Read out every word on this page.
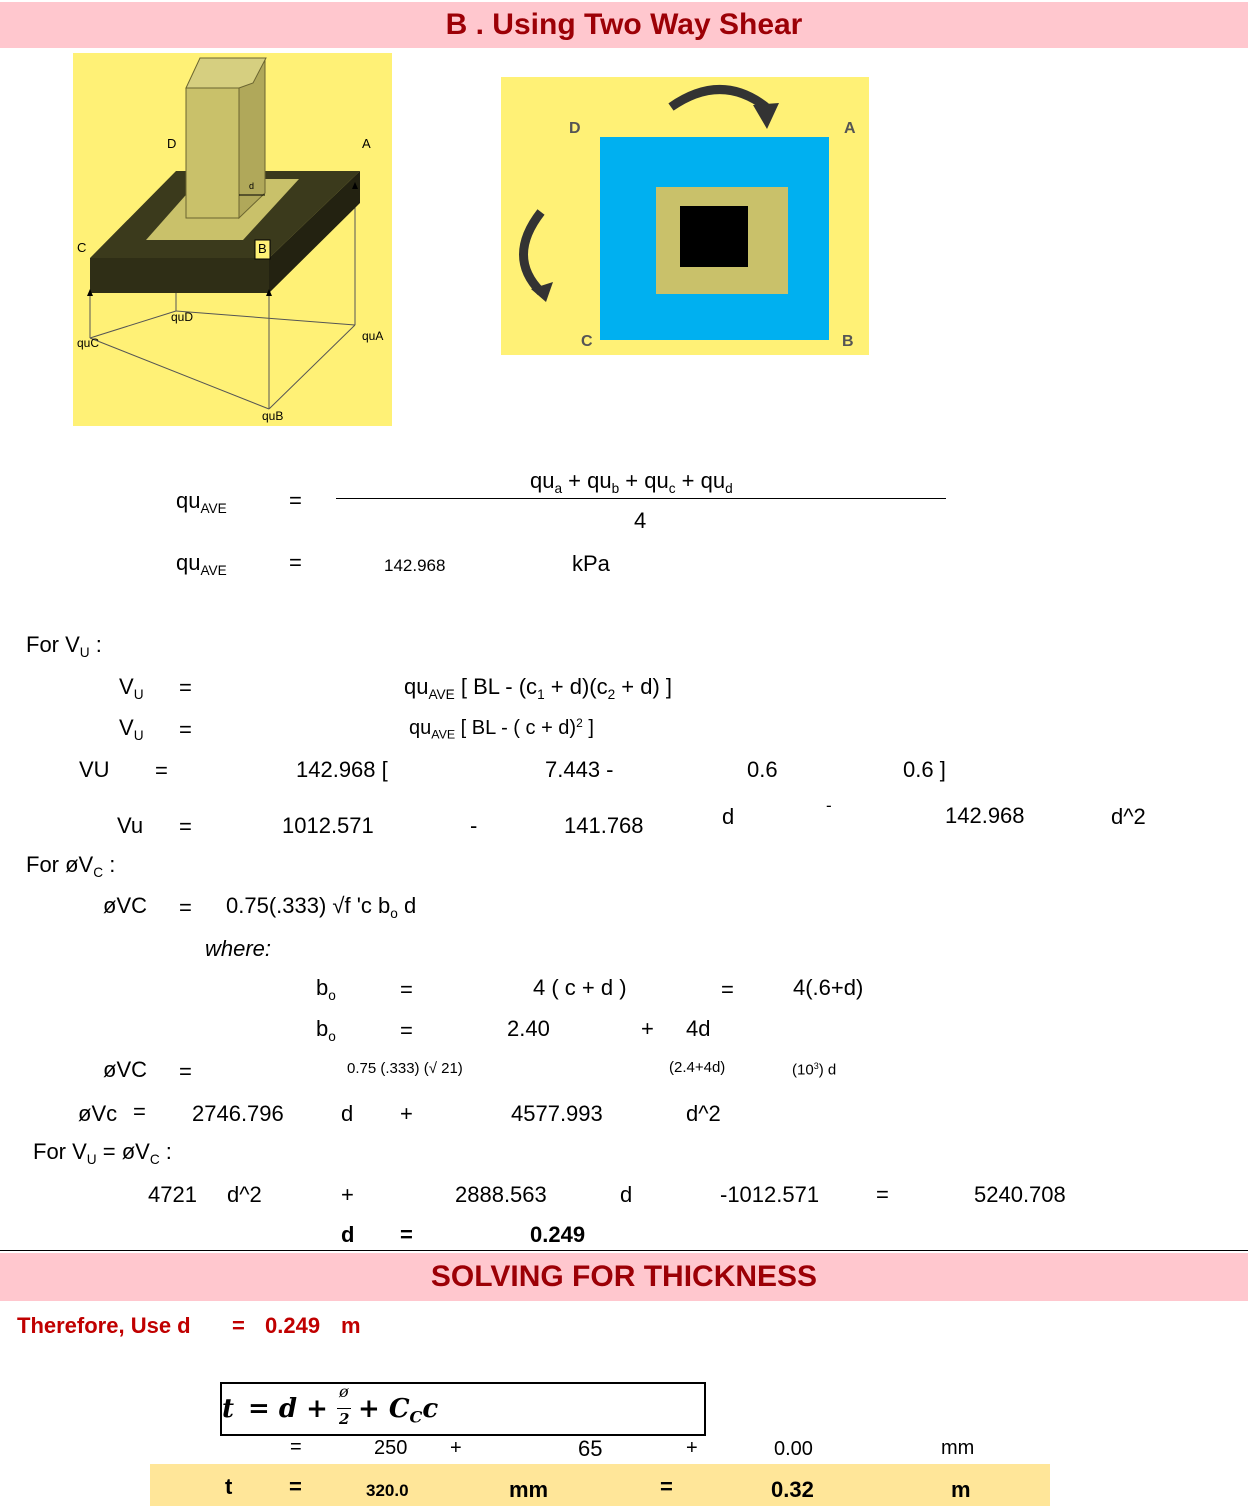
B . Using Two Way Shear
D	A
C	B
d
quC
quD
quA
quB
D	A
C	B
$qu_{AVE}$	=
$qu_a + qu_b + qu_c + qu_d$
4
$qu_{AVE}$	=	142.968	kPa
For $V_U$ :
$V_U$ =	$qu_{AVE}$ [ BL - $(c_1 + d)(c_2 + d)$ ]
$V_U$ =	$qu_{AVE}$ [ BL - ( c + d)$^2$ ]
VU =	142.968 [	7.443 -	0.6	0.6 ]
Vu =	1012.571	-	141.768	d	-	142.968	d^2
For $øV_C$ :
øVC = 0.75(.333) √f 'c $b_o$ d
where:
$b_o$	=	4 ( c + d )	=	4(.6+d)
$b_o$	=	2.40	+ 4d
øVC =	0.75 (.333) (√ 21)	(2.4+4d)	$(10^3)$ d
øVc = 2746.796	d +	4577.993	d^2
For $V_U$ = $øV_C$ :
4721 d^2	+	2888.563	d	-1012.571	=	5240.708
d =	0.249
SOLVING FOR THICKNESS
Therefore, Use d = 0.249 m
t = d +
ø
$2 + C_Cc$
=	250 +	65	+	0.00	mm
t	=	320.0	mm	=	0.32	m
